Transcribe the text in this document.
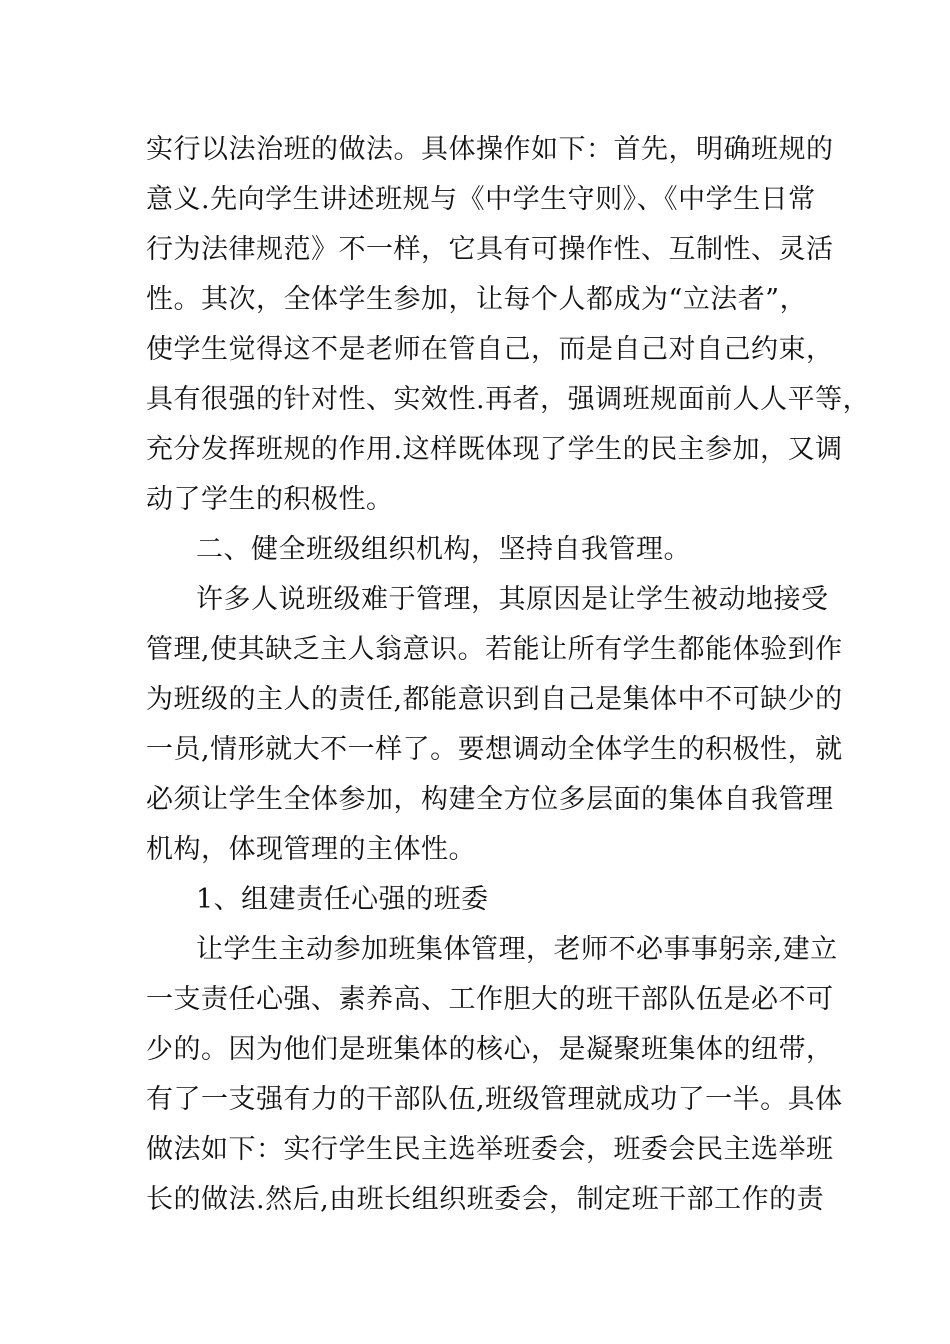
实行以法治班的做法。具体操作如下：首先，明确班规的
意义.先向学生讲述班规与《中学生守则》、《中学生日常
行为法律规范》不一样，它具有可操作性、互制性、灵活
性。其次，全体学生参加，让每个人都成为“立法者”，
使学生觉得这不是老师在管自己，而是自己对自己约束，
具有很强的针对性、实效性.再者，强调班规面前人人平等，
充分发挥班规的作用.这样既体现了学生的民主参加，又调
动了学生的积极性。
二、健全班级组织机构，坚持自我管理。
许多人说班级难于管理，其原因是让学生被动地接受
管理,使其缺乏主人翁意识。若能让所有学生都能体验到作
为班级的主人的责任,都能意识到自己是集体中不可缺少的
一员,情形就大不一样了。要想调动全体学生的积极性，就
必须让学生全体参加，构建全方位多层面的集体自我管理
机构，体现管理的主体性。
1、组建责任心强的班委
让学生主动参加班集体管理，老师不必事事躬亲,建立
一支责任心强、素养高、工作胆大的班干部队伍是必不可
少的。因为他们是班集体的核心，是凝聚班集体的纽带，
有了一支强有力的干部队伍,班级管理就成功了一半。具体
做法如下：实行学生民主选举班委会，班委会民主选举班
长的做法.然后,由班长组织班委会，制定班干部工作的责
